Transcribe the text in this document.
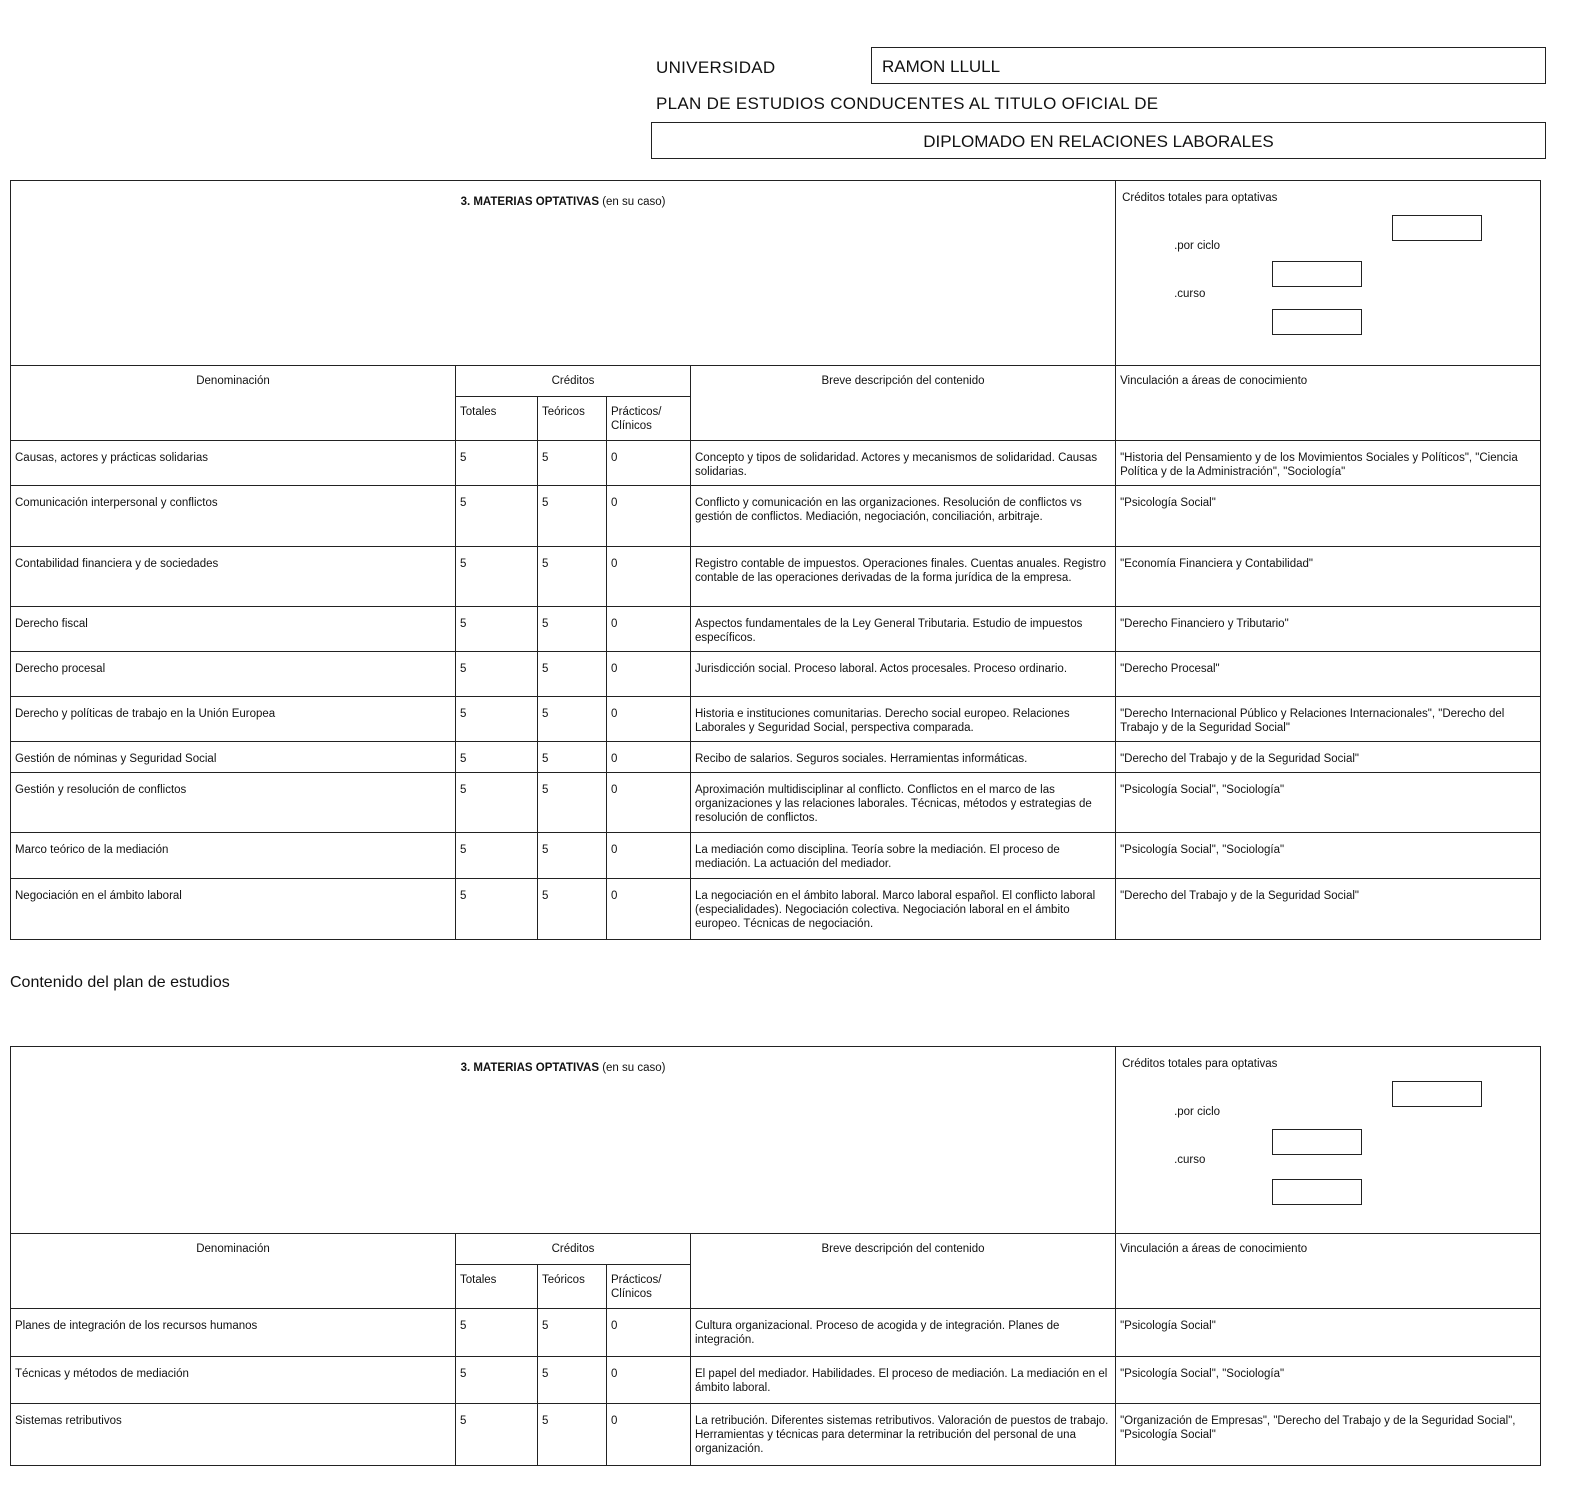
UNIVERSIDAD	RAMON LLULL
PLAN DE ESTUDIOS CONDUCENTES AL TITULO OFICIAL DE
DIPLOMADO EN RELACIONES LABORALES
3. MATERIAS OPTATIVAS (en su caso)					Créditos totales para optativas
.por ciclo
.curso

Denominación	Créditos			Breve descripción del contenido	Vinculación a áreas de conocimiento
	Totales	Teóricos	Prácticos/ Clínicos		
Causas, actores y prácticas solidarias	5	5	0	Concepto y tipos de solidaridad. Actores y mecanismos de solidaridad. Causas solidarias.	"Historia del Pensamiento y de los Movimientos Sociales y Políticos", "Ciencia Política y de la Administración", "Sociología"
Comunicación interpersonal y conflictos	5	5	0	Conflicto y comunicación en las organizaciones. Resolución de conflictos vs gestión de conflictos. Mediación, negociación, conciliación, arbitraje.	"Psicología Social"
Contabilidad financiera y de sociedades	5	5	0	Registro contable de impuestos. Operaciones finales. Cuentas anuales. Registro contable de las operaciones derivadas de la forma jurídica de la empresa.	"Economía Financiera y Contabilidad"
Derecho fiscal	5	5	0	Aspectos fundamentales de la Ley General Tributaria. Estudio de impuestos específicos.	"Derecho Financiero y Tributario"
Derecho procesal	5	5	0	Jurisdicción social. Proceso laboral. Actos procesales. Proceso ordinario.	"Derecho Procesal"
Derecho y políticas de trabajo en la Unión Europea	5	5	0	Historia e instituciones comunitarias. Derecho social europeo. Relaciones Laborales y Seguridad Social, perspectiva comparada.	"Derecho Internacional Público y Relaciones Internacionales", "Derecho del Trabajo y de la Seguridad Social"
Gestión de nóminas y Seguridad Social	5	5	0	Recibo de salarios. Seguros sociales. Herramientas informáticas.	"Derecho del Trabajo y de la Seguridad Social"
Gestión y resolución de conflictos	5	5	0	Aproximación multidisciplinar al conflicto. Conflictos en el marco de las organizaciones y las relaciones laborales. Técnicas, métodos y estrategias de resolución de conflictos.	"Psicología Social", "Sociología"
Marco teórico de la mediación	5	5	0	La mediación como disciplina. Teoría sobre la mediación. El proceso de mediación. La actuación del mediador.	"Psicología Social", "Sociología"
Negociación en el ámbito laboral	5	5	0	La negociación en el ámbito laboral. Marco laboral español. El conflicto laboral (especialidades). Negociación colectiva. Negociación laboral en el ámbito europeo. Técnicas de negociación.	"Derecho del Trabajo y de la Seguridad Social"
Contenido del plan de estudios
3. MATERIAS OPTATIVAS (en su caso)					Créditos totales para optativas
.por ciclo
.curso

Denominación	Créditos			Breve descripción del contenido	Vinculación a áreas de conocimiento
	Totales	Teóricos	Prácticos/ Clínicos		
Planes de integración de los recursos humanos	5	5	0	Cultura organizacional. Proceso de acogida y de integración. Planes de integración.	"Psicología Social"
Técnicas y métodos de mediación	5	5	0	El papel del mediador. Habilidades. El proceso de mediación. La mediación en el ámbito laboral.	"Psicología Social", "Sociología"
Sistemas retributivos	5	5	0	La retribución. Diferentes sistemas retributivos. Valoración de puestos de trabajo. Herramientas y técnicas para determinar la retribución del personal de una organización.	"Organización de Empresas", "Derecho del Trabajo y de la Seguridad Social", "Psicología Social"
